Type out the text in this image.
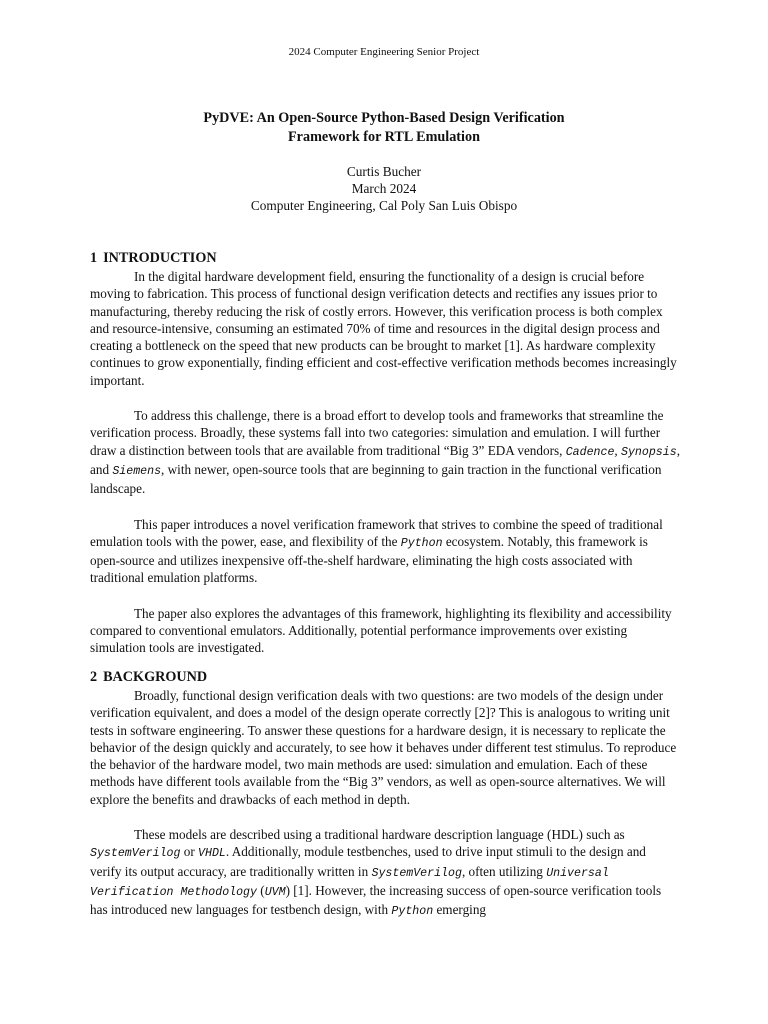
2024 Computer Engineering Senior Project
PyDVE: An Open-Source Python-Based Design Verification
Framework for RTL Emulation
Curtis Bucher
March 2024
Computer Engineering, Cal Poly San Luis Obispo
1 INTRODUCTION

In the digital hardware development field, ensuring the functionality of a design is crucial before moving to fabrication. This process of functional design verification detects and rectifies any issues prior to manufacturing, thereby reducing the risk of costly errors. However, this verification process is both complex and resource-intensive, consuming an estimated 70% of time and resources in the digital design process and creating a bottleneck on the speed that new products can be brought to market [1]. As hardware complexity continues to grow exponentially, finding efficient and cost-effective verification methods becomes increasingly important.

To address this challenge, there is a broad effort to develop tools and frameworks that streamline the verification process. Broadly, these systems fall into two categories: simulation and emulation. I will further draw a distinction between tools that are available from traditional “Big 3” EDA vendors, Cadence, Synopsis, and Siemens, with newer, open-source tools that are beginning to gain traction in the functional verification landscape.

This paper introduces a novel verification framework that strives to combine the speed of traditional emulation tools with the power, ease, and flexibility of the Python ecosystem. Notably, this framework is open-source and utilizes inexpensive off-the-shelf hardware, eliminating the high costs associated with traditional emulation platforms.

The paper also explores the advantages of this framework, highlighting its flexibility and accessibility compared to conventional emulators. Additionally, potential performance improvements over existing simulation tools are investigated.

2 BACKGROUND

Broadly, functional design verification deals with two questions: are two models of the design under verification equivalent, and does a model of the design operate correctly [2]? This is analogous to writing unit tests in software engineering. To answer these questions for a hardware design, it is necessary to replicate the behavior of the design quickly and accurately, to see how it behaves under different test stimulus. To reproduce the behavior of the hardware model, two main methods are used: simulation and emulation. Each of these methods have different tools available from the “Big 3” vendors, as well as open-source alternatives. We will explore the benefits and drawbacks of each method in depth.

These models are described using a traditional hardware description language (HDL) such as SystemVerilog or VHDL. Additionally, module testbenches, used to drive input stimuli to the design and verify its output accuracy, are traditionally written in SystemVerilog, often utilizing Universal Verification Methodology (UVM) [1]. However, the increasing success of open-source verification tools has introduced new languages for testbench design, with Python emerging
